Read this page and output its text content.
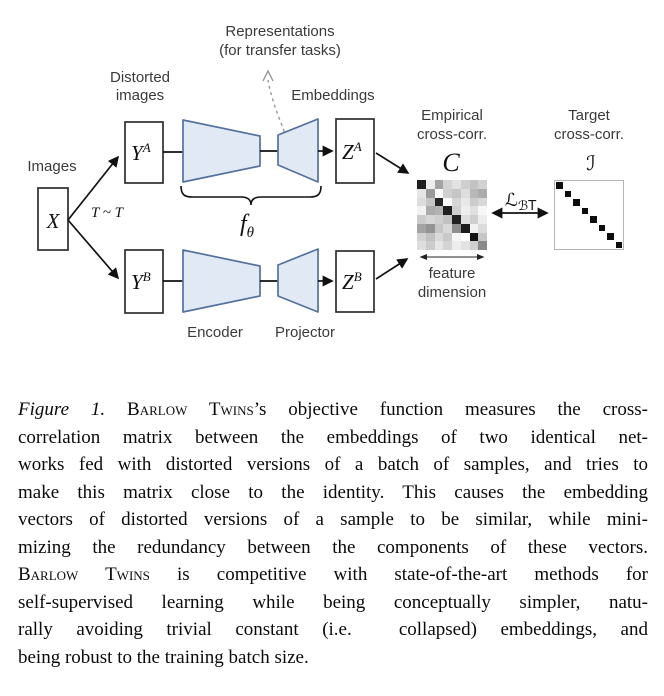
Representations
(for transfer tasks)
Distorted
images	Embeddings
Images
Empirical
cross-corr.
Target
cross-corr.
C	ℐ
X T ~ T
$Y^A$	$Z^A$
$f_\theta$
$Y^B$	$Z^B$
Encoder Projector
ℒ$_{ℬT}$
feature
dimension
Figure 1. Barlow Twins’s objective function measures the cross-
correlation matrix between the embeddings of two identical net-
works fed with distorted versions of a batch of samples, and tries to
make this matrix close to the identity. This causes the embedding
vectors of distorted versions of a sample to be similar, while mini-
mizing the redundancy between the components of these vectors.
Barlow Twins is competitive with state-of-the-art methods for
self-supervised learning while being conceptually simpler, natu-
rally avoiding trivial constant (i.e.  collapsed) embeddings, and
being robust to the training batch size.
